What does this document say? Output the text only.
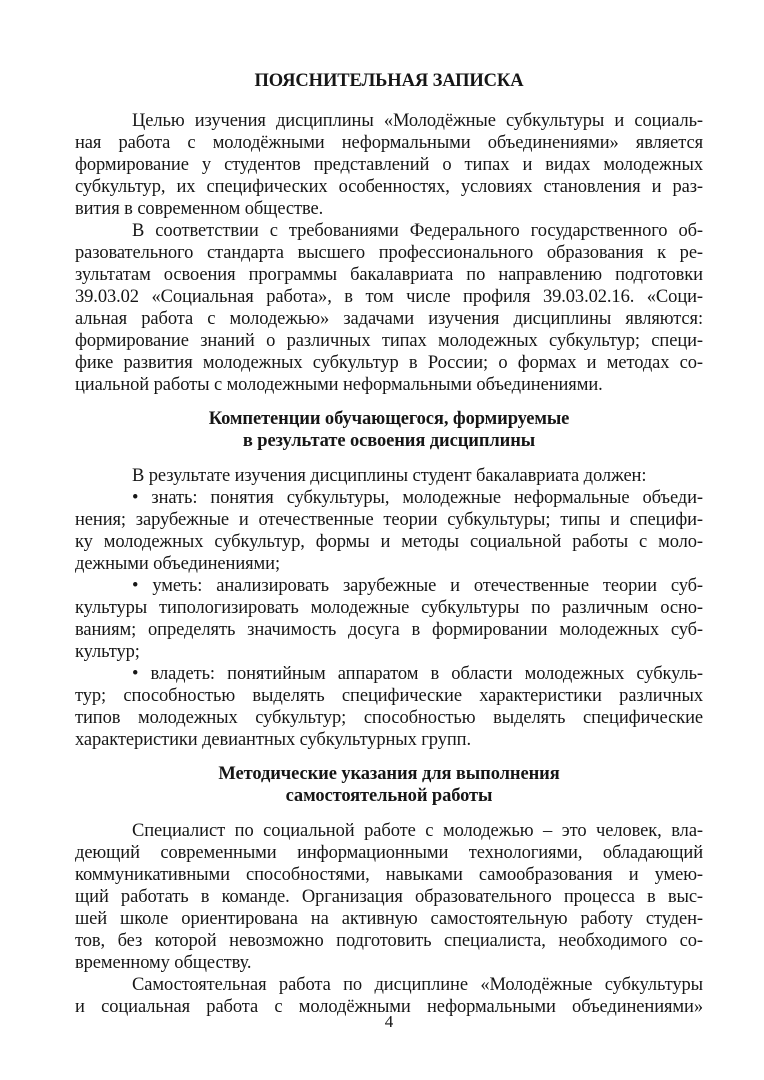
ПОЯСНИТЕЛЬНАЯ ЗАПИСКА
Целью изучения дисциплины «Молодёжные субкультуры и социаль-
ная работа с молодёжными неформальными объединениями» является
формирование у студентов представлений о типах и видах молодежных
субкультур, их специфических особенностях, условиях становления и раз-
вития в современном обществе.
В соответствии с требованиями Федерального государственного об-
разовательного стандарта высшего профессионального образования к ре-
зультатам освоения программы бакалавриата по направлению подготовки
39.03.02 «Социальная работа», в том числе профиля 39.03.02.16. «Соци-
альная работа с молодежью» задачами изучения дисциплины являются:
формирование знаний о различных типах молодежных субкультур; специ-
фике развития молодежных субкультур в России; о формах и методах со-
циальной работы с молодежными неформальными объединениями.
Компетенции обучающегося, формируемые
в результате освоения дисциплины
В результате изучения дисциплины студент бакалавриата должен:
• знать: понятия субкультуры, молодежные неформальные объеди-
нения; зарубежные и отечественные теории субкультуры; типы и специфи-
ку молодежных субкультур, формы и методы социальной работы с моло-
дежными объединениями;
• уметь: анализировать зарубежные и отечественные теории суб-
культуры типологизировать молодежные субкультуры по различным осно-
ваниям; определять значимость досуга в формировании молодежных суб-
культур;
• владеть: понятийным аппаратом в области молодежных субкуль-
тур; способностью выделять специфические характеристики различных
типов молодежных субкультур; способностью выделять специфические
характеристики девиантных субкультурных групп.
Методические указания для выполнения
самостоятельной работы
Специалист по социальной работе с молодежью – это человек, вла-
деющий современными информационными технологиями, обладающий
коммуникативными способностями, навыками самообразования и умею-
щий работать в команде. Организация образовательного процесса в выс-
шей школе ориентирована на активную самостоятельную работу студен-
тов, без которой невозможно подготовить специалиста, необходимого со-
временному обществу.
Самостоятельная работа по дисциплине «Молодёжные субкультуры
и социальная работа с молодёжными неформальными объединениями»
4
